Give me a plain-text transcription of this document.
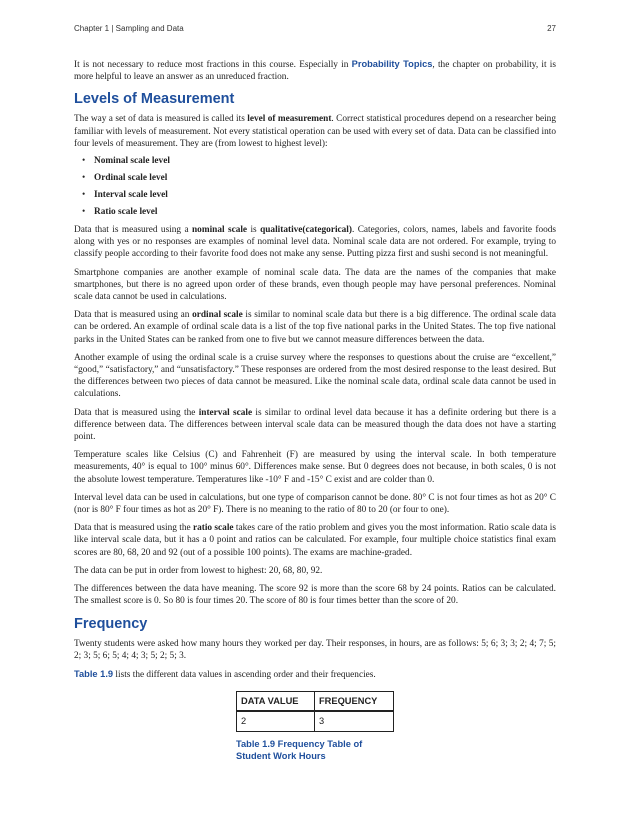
Chapter 1 | Sampling and Data	27

It is not necessary to reduce most fractions in this course. Especially in Probability Topics, the chapter on probability, it is more helpful to leave an answer as an unreduced fraction.

Levels of Measurement

The way a set of data is measured is called its level of measurement. Correct statistical procedures depend on a researcher being familiar with levels of measurement. Not every statistical operation can be used with every set of data. Data can be classified into four levels of measurement. They are (from lowest to highest level):

• Nominal scale level
• Ordinal scale level
• Interval scale level
• Ratio scale level

Data that is measured using a nominal scale is qualitative(categorical). Categories, colors, names, labels and favorite foods along with yes or no responses are examples of nominal level data. Nominal scale data are not ordered. For example, trying to classify people according to their favorite food does not make any sense. Putting pizza first and sushi second is not meaningful.

Smartphone companies are another example of nominal scale data. The data are the names of the companies that make smartphones, but there is no agreed upon order of these brands, even though people may have personal preferences. Nominal scale data cannot be used in calculations.

Data that is measured using an ordinal scale is similar to nominal scale data but there is a big difference. The ordinal scale data can be ordered. An example of ordinal scale data is a list of the top five national parks in the United States. The top five national parks in the United States can be ranked from one to five but we cannot measure differences between the data.

Another example of using the ordinal scale is a cruise survey where the responses to questions about the cruise are “excellent,” “good,” “satisfactory,” and “unsatisfactory.” These responses are ordered from the most desired response to the least desired. But the differences between two pieces of data cannot be measured. Like the nominal scale data, ordinal scale data cannot be used in calculations.

Data that is measured using the interval scale is similar to ordinal level data because it has a definite ordering but there is a difference between data. The differences between interval scale data can be measured though the data does not have a starting point.

Temperature scales like Celsius (C) and Fahrenheit (F) are measured by using the interval scale. In both temperature measurements, 40° is equal to 100° minus 60°. Differences make sense. But 0 degrees does not because, in both scales, 0 is not the absolute lowest temperature. Temperatures like -10° F and -15° C exist and are colder than 0.

Interval level data can be used in calculations, but one type of comparison cannot be done. 80° C is not four times as hot as 20° C (nor is 80° F four times as hot as 20° F). There is no meaning to the ratio of 80 to 20 (or four to one).

Data that is measured using the ratio scale takes care of the ratio problem and gives you the most information. Ratio scale data is like interval scale data, but it has a 0 point and ratios can be calculated. For example, four multiple choice statistics final exam scores are 80, 68, 20 and 92 (out of a possible 100 points). The exams are machine-graded.

The data can be put in order from lowest to highest: 20, 68, 80, 92.

The differences between the data have meaning. The score 92 is more than the score 68 by 24 points. Ratios can be calculated. The smallest score is 0. So 80 is four times 20. The score of 80 is four times better than the score of 20.

Frequency

Twenty students were asked how many hours they worked per day. Their responses, in hours, are as follows: 5; 6; 3; 3; 2; 4; 7; 5; 2; 3; 5; 6; 5; 4; 4; 3; 5; 2; 5; 3.

Table 1.9 lists the different data values in ascending order and their frequencies.

DATA VALUE	FREQUENCY
2	3
Table 1.9 Frequency Table of Student Work Hours
